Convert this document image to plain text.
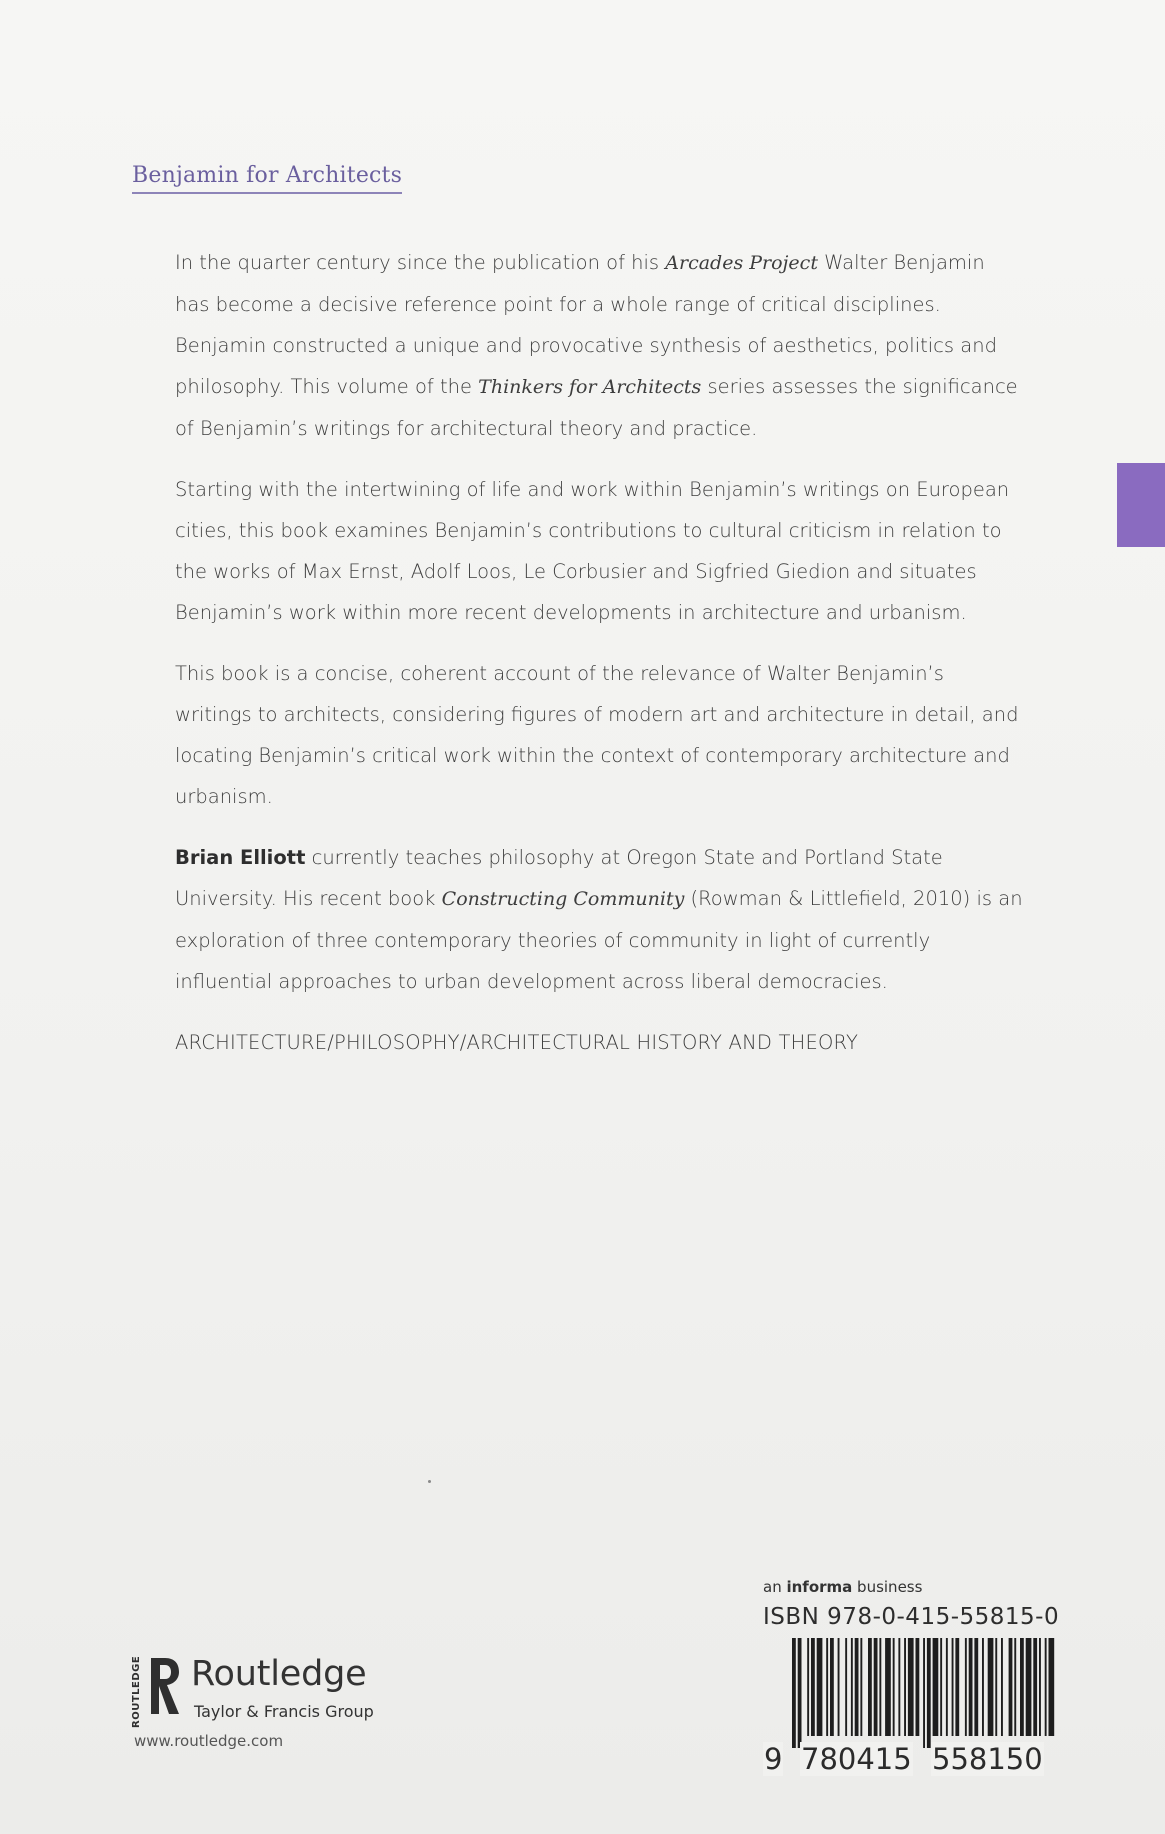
Benjamin for Architects

In the quarter century since the publication of his Arcades Project Walter Benjamin has become a decisive reference point for a whole range of critical disciplines. Benjamin constructed a unique and provocative synthesis of aesthetics, politics and philosophy. This volume of the Thinkers for Architects series assesses the significance of Benjamin’s writings for architectural theory and practice.

Starting with the intertwining of life and work within Benjamin’s writings on European cities, this book examines Benjamin’s contributions to cultural criticism in relation to the works of Max Ernst, Adolf Loos, Le Corbusier and Sigfried Giedion and situates Benjamin’s work within more recent developments in architecture and urbanism.

This book is a concise, coherent account of the relevance of Walter Benjamin’s writings to architects, considering figures of modern art and architecture in detail, and locating Benjamin’s critical work within the context of contemporary architecture and urbanism.

Brian Elliott currently teaches philosophy at Oregon State and Portland State University. His recent book Constructing Community (Rowman & Littlefield, 2010) is an exploration of three contemporary theories of community in light of currently influential approaches to urban development across liberal democracies.

ARCHITECTURE/PHILOSOPHY/ARCHITECTURAL HISTORY AND THEORY
an informa business
ISBN 978-0-415-55815-0
9 780415 558150
ROUTLEDGE Routledge
Taylor & Francis Group
www.routledge.com
